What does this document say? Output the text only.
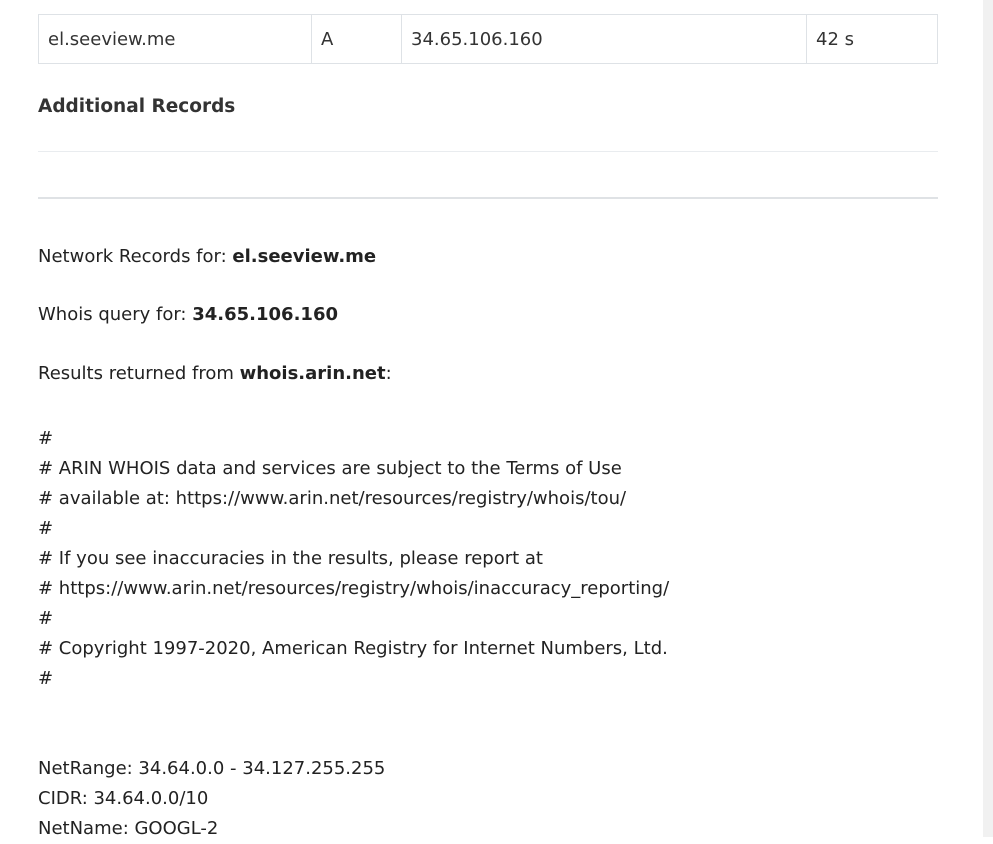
el.seeview.me	A	34.65.106.160	42 s
Additional Records
Network Records for: el.seeview.me
Whois query for: 34.65.106.160
Results returned from whois.arin.net:
#
# ARIN WHOIS data and services are subject to the Terms of Use
# available at: https://www.arin.net/resources/registry/whois/tou/
#
# If you see inaccuracies in the results, please report at
# https://www.arin.net/resources/registry/whois/inaccuracy_reporting/
#
# Copyright 1997-2020, American Registry for Internet Numbers, Ltd.
#

NetRange: 34.64.0.0 - 34.127.255.255
CIDR: 34.64.0.0/10
NetName: GOOGL-2
